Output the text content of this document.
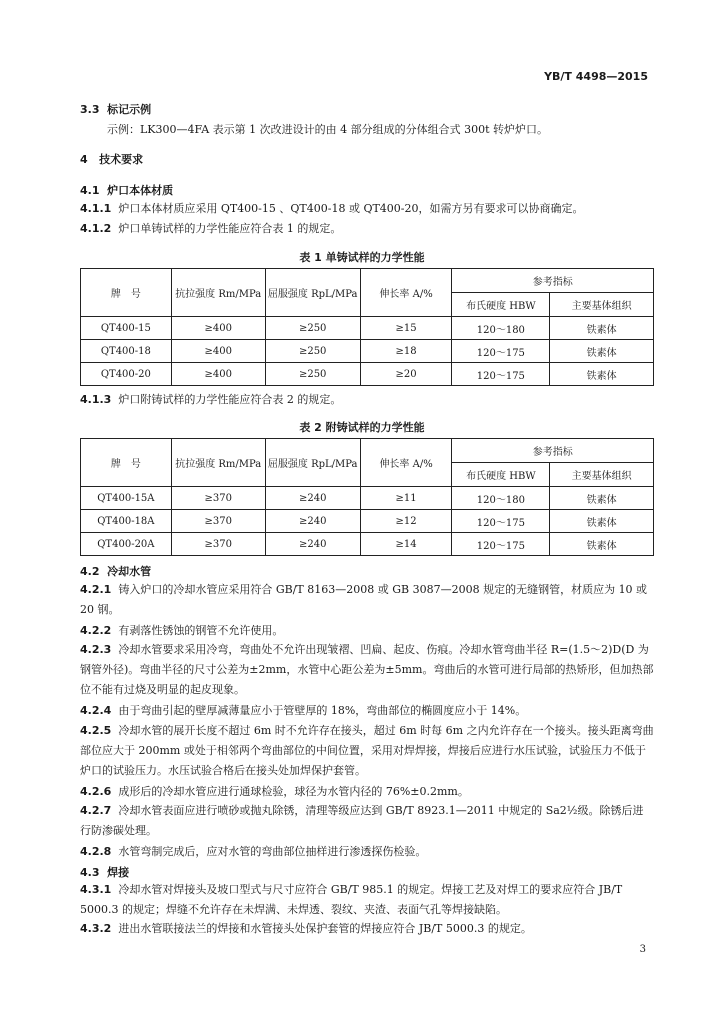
YB/T 4498—2015
3.3 标记示例
示例：LK300—4FA 表示第 1 次改进设计的由 4 部分组成的分体组合式 300t 转炉炉口。
4 技术要求
4.1 炉口本体材质
4.1.1 炉口本体材质应采用 QT400-15 、QT400-18 或 QT400-20，如需方另有要求可以协商确定。
4.1.2 炉口单铸试样的力学性能应符合表 1 的规定。
表 1 单铸试样的力学性能
牌　号	抗拉强度 Rm/MPa	屈服强度 RpL/MPa	伸长率 A/%	参考指标	
				布氏硬度 HBW	主要基体组织
QT400-15	≥400	≥250	≥15	120～180	铁素体
QT400-18	≥400	≥250	≥18	120～175	铁素体
QT400-20	≥400	≥250	≥20	120～175	铁素体
4.1.3 炉口附铸试样的力学性能应符合表 2 的规定。
表 2 附铸试样的力学性能
牌　号	抗拉强度 Rm/MPa	屈服强度 RpL/MPa	伸长率 A/%	参考指标	
				布氏硬度 HBW	主要基体组织
QT400-15A	≥370	≥240	≥11	120～180	铁素体
QT400-18A	≥370	≥240	≥12	120～175	铁素体
QT400-20A	≥370	≥240	≥14	120～175	铁素体
4.2 冷却水管
4.2.1 铸入炉口的冷却水管应采用符合 GB/T 8163—2008 或 GB 3087—2008 规定的无缝钢管，材质应为 10 或 20 钢。
4.2.2 有剥落性锈蚀的钢管不允许使用。
4.2.3 冷却水管要求采用冷弯，弯曲处不允许出现皱褶、凹扁、起皮、伤痕。冷却水管弯曲半径 R=(1.5～2)D(D 为钢管外径)。弯曲半径的尺寸公差为±2mm，水管中心距公差为±5mm。弯曲后的水管可进行局部的热矫形，但加热部位不能有过烧及明显的起皮现象。
4.2.4 由于弯曲引起的壁厚减薄量应小于管壁厚的 18%，弯曲部位的椭圆度应小于 14%。
4.2.5 冷却水管的展开长度不超过 6m 时不允许存在接头，超过 6m 时每 6m 之内允许存在一个接头。接头距离弯曲部位应大于 200mm 或处于相邻两个弯曲部位的中间位置，采用对焊焊接，焊接后应进行水压试验，试验压力不低于炉口的试验压力。水压试验合格后在接头处加焊保护套管。
4.2.6 成形后的冷却水管应进行通球检验，球径为水管内径的 76%±0.2mm。
4.2.7 冷却水管表面应进行喷砂或抛丸除锈，清理等级应达到 GB/T 8923.1—2011 中规定的 Sa2½级。除锈后进行防渗碳处理。
4.2.8 水管弯制完成后，应对水管的弯曲部位抽样进行渗透探伤检验。
4.3 焊接
4.3.1 冷却水管对焊接头及坡口型式与尺寸应符合 GB/T 985.1 的规定。焊接工艺及对焊工的要求应符合 JB/T 5000.3 的规定；焊缝不允许存在未焊满、未焊透、裂纹、夹渣、表面气孔等焊接缺陷。
4.3.2 进出水管联接法兰的焊接和水管接头处保护套管的焊接应符合 JB/T 5000.3 的规定。
3
